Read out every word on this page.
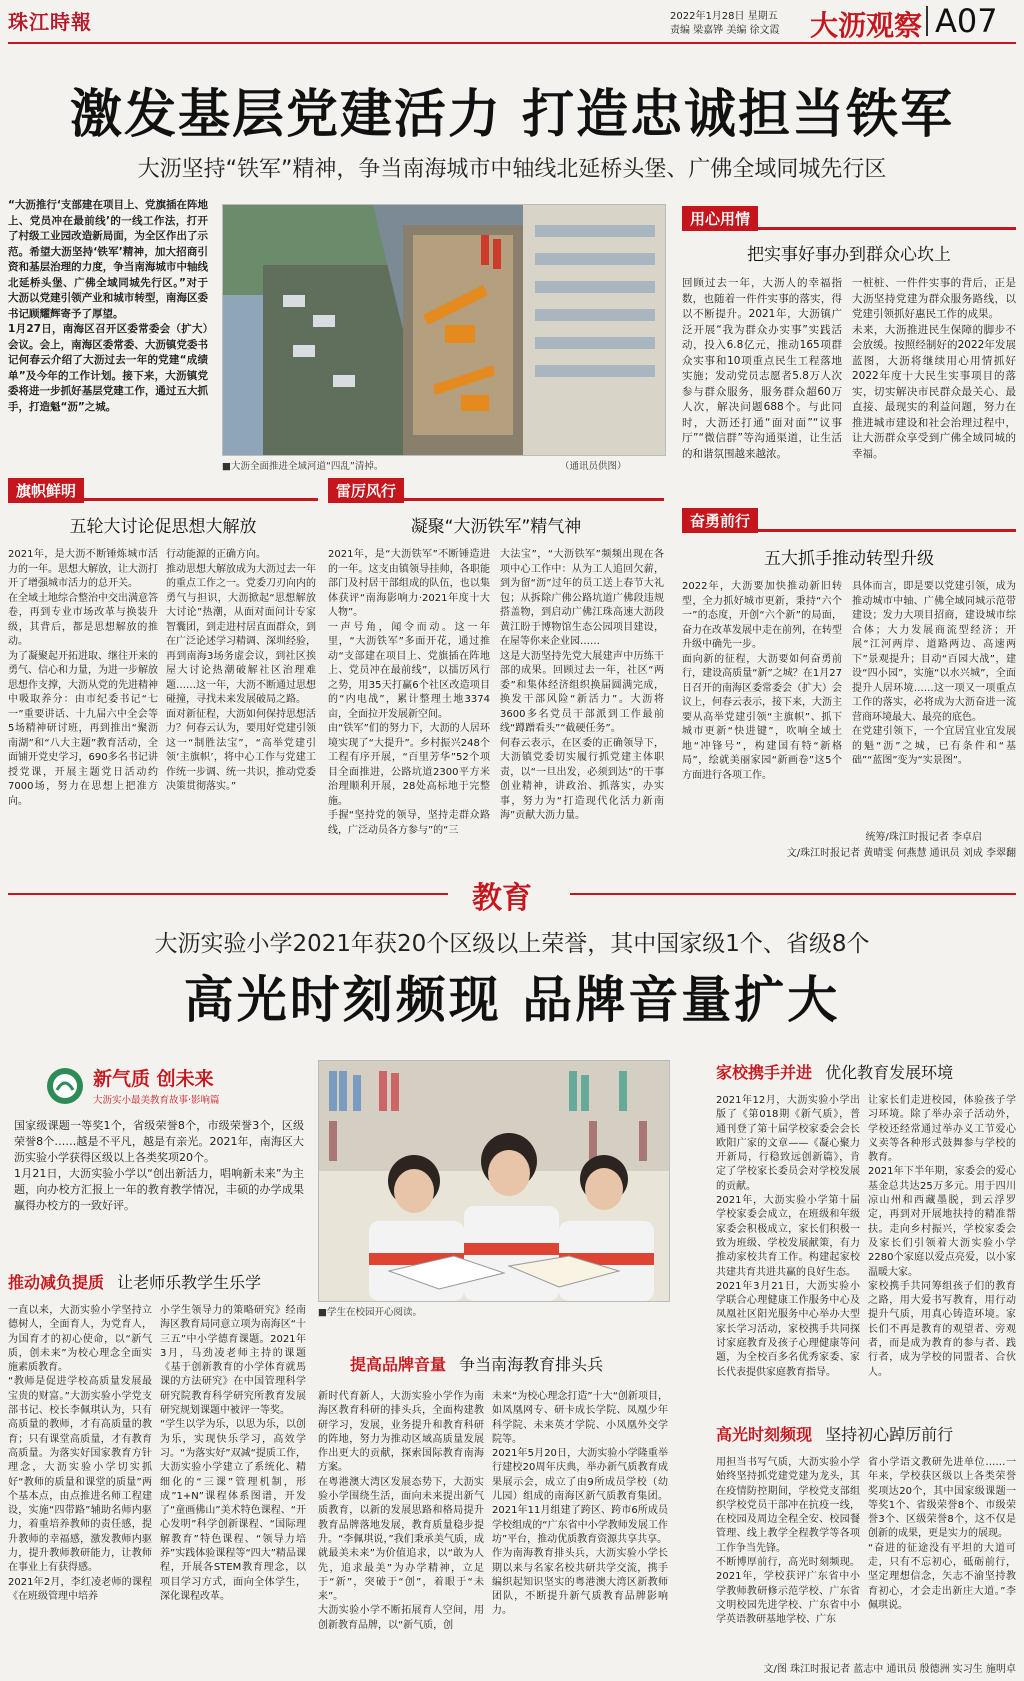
珠江時報	2022年1月28日 星期五
责编 梁嘉铧 美编 徐文霞	大沥观察 A07
激发基层党建活力 打造忠诚担当铁军
大沥坚持“铁军”精神，争当南海城市中轴线北延桥头堡、广佛全域同城先行区
“大沥推行‘支部建在项目上、党旗插在阵地上、党员冲在最前线’的一线工作法，打开了村级工业园改造新局面，为全区作出了示范。希望大沥坚持‘铁军’精神，加大招商引资和基层治理的力度，争当南海城市中轴线北延桥头堡、广佛全域同城先行区。”对于大沥以党建引领产业和城市转型，南海区委书记顾耀辉寄予了厚望。
1月27日，南海区召开区委常委会（扩大）会议。会上，南海区委常委、大沥镇党委书记何春云介绍了大沥过去一年的党建“成绩单”及今年的工作计划。接下来，大沥镇党委将进一步抓好基层党建工作，通过五大抓手，打造魁“沥”之城。
■大沥全面推进全域河道“四乱”清掉。	（通讯员供图）
用心用情
把实事好事办到群众心坎上
回顾过去一年，大沥人的幸福指数，也随着一件件实事的落实，得以不断提升。2021年，大沥镇广泛开展“我为群众办实事”实践活动，投入6.8亿元，推动165项群众实事和10项重点民生工程落地实施；发动党员志愿者5.8万人次参与群众服务，服务群众超60万人次，解决问题688个。与此同时，大沥还打通“面对面”“议事厅”“微信群”等沟通渠道，让生活的和谐氛围越来越浓。
一桩桩、一件件实事的背后，正是大沥坚持党建为群众服务路线，以党建引领抓好惠民工作的成果。
未来，大沥推进民生保障的脚步不会放缓。按照经制好的2022年发展蓝图，大沥将继续用心用情抓好2022年度十大民生实事项目的落实，切实解决市民群众最关心、最直接、最现实的利益问题，努力在推进城市建设和社会治理过程中，让大沥群众享受到广佛全域同城的幸福。
旗帜鲜明
五轮大讨论促思想大解放
2021年，是大沥不断锤炼城市活力的一年。思想大解放，让大沥打开了增强城市活力的总开关。
在全域土地综合整治中交出满意答卷，再到专业市场改革与换装升级，其背后，都是思想解放的推动。
为了凝聚起开拓进取、继往开来的勇气、信心和力量，为进一步解放思想作支撑，大沥从党的先进精神中吸取养分：由市纪委书记“七一”重要讲话、十九届六中全会等5场精神研讨班，再到推出“聚沥南湖”和“八大主题”教育活动，全面铺开党史学习，690多名书记讲授党课，开展主题党日活动约7000场，努力在思想上把准方向。
行动能源的正确方向。
推动思想大解放成为大沥过去一年的重点工作之一。党委刀刃向内的勇气与担识，大沥掀起“思想解放大讨论”热潮，从面对面问计专家智囊团，到走进村居直面群众，到在广泛论述学习精调、深圳经验，再到南海3场务虚会议，到社区挨屋大讨论热潮破解社区治理难题……这一年，大沥不断通过思想碰撞，寻找未来发展破局之路。
面对新征程，大沥如何保持思想活力？何春云认为，要用好党建引领这一“制胜法宝”，“高举党建引领‘主旗帜’，将中心工作与党建工作统一步调、统一共识，推动党委决策贯彻落实。”
雷厉风行
凝聚“大沥铁军”精气神
2021年，是“大沥铁军”不断锤造进的一年。这支由镇领导挂帅，各职能部门及村居干部组成的队伍，也以集体获评“南海影响力·2021年度十大人物”。
一声号角，闻令而动。这一年里，“大沥铁军”多面开花，通过推动“支部建在项目上、党旗插在阵地上、党员冲在最前线”，以擂厉风行之势，用35天打赢6个社区改造项目的“内电战”，累计整理土地3374亩，全面拉开发展新空间。
由“铁军”们的努力下，大沥的人居环境实现了“大提升”。乡村振兴248个工程有序开展，“百里芳华”52个项目全面推进，公路坑道2300平方米治理顺利开展，28处高标地于完整施。
手握“坚持党的领导，坚持走群众路线，广泛动员各方参与”的“三
大法宝”，“大沥铁军”频频出现在各项中心工作中：从为工人追回欠薪，到为留“沥”过年的员工送上春节大礼包；从拆除广佛公路坑道广佛段违规搭盖物，到启动广佛江珠高速大沥段黄江盼于博物馆生态公园项目建设，在屋等你来企业园……
这是大沥坚持先党大展建声中历练干部的成果。回顾过去一年，社区“两委”和集体经济组织换届圆满完成，换发干部风险“新活力”。大沥将3600多名党员干部派到工作最前线“蹲蹭看头”“截硬任务”。
何春云表示，在区委的正确领导下，大沥镇党委切实履行抓党建主体职责，以“一旦出发，必须到达”的干事创业精神，讲政治、抓落实，办实事，努力为“打造现代化活力新南海”贡献大沥力量。
奋勇前行
五大抓手推动转型升级
2022年，大沥要加快推动新旧转型，全力抓好城市更新，秉持“六个一”的态度，开创“六个新”的局面，奋力在改革发展中走在前列，在转型升级中确先一步。
面向新的征程，大沥要如何奋勇前行，建设高质量“新”之城？在1月27日召开的南海区委常委会（扩大）会议上，何春云表示，接下来，大沥主要从高举党建引领“主旗帜”、抓下城市更新“快进键”，吹响全域土地“冲锋号”，构建国有特“新格局”，绘就美丽家园“新画卷”这5个方面进行各项工作。
具体而言，即是要以党建引领，成为推动城市中轴、广佛全域同城示范带建设；发力大项目招商，建设城市综合体；大力发展商流型经济；开展“江河两岸、道路两边、高速两下”景观提升；目动“百园大战”，建设“四小园”，实施“以水兴城”，全面提升人居环境……这一项又一项重点工作的落实，必将成为大沥奋进一流营商环境最大、最亮的底色。
在党建引领下，一个宜居宜业宜发展的魁“沥”之城，已有条件和“基础”“蓝图”变为“实景图”。
统筹/珠江时报记者 李卓启
文/珠江时报记者 黄晴雯 何燕慧 通讯员 刘成 李翠翻
教育
大沥实验小学2021年获20个区级以上荣誉，其中国家级1个、省级8个
高光时刻频现 品牌音量扩大
新气质 创未来
大沥实小最美教育故事·影响篇
国家级课题一等奖1个，省级荣誉8个，市级荣誉3个，区级荣誉8个……越是不平凡，越是有亲光。2021年，南海区大沥实验小学获得区级以上各类奖项20个。
1月21日，大沥实验小学以“创出新活力，唱响新未来”为主题，向办校方汇报上一年的教育教学情况，丰硕的办学成果赢得办校方的一致好评。
■学生在校园开心阅读。
推动减负提质 让老师乐教学生乐学
一直以来，大沥实验小学坚持立德树人，全面育人，为党育人，为国育才的初心使命，以“新气质，创未来”为校心理念全面实施素质教育。
“教师是促进学校高质量发展最宝贵的财富。”大沥实验小学党支部书记、校长李佩琪认为，只有高质量的教师，才有高质量的教育；只有课堂高质量，才有教育高质量。为落实好国家教育方针理念，大沥实验小学切实抓好“教师的质量和课堂的质量”两个基本点，由点推进名师工程建设，实施“四带路”辅助名师内驱力，着重培养教师的责任感，提升教师的幸福感，激发教师内驱力，提升教师教研能力，让教师在事业上有获得感。
2021年2月，李红凌老师的课程《在班级管理中培养
小学生领导力的策略研究》经南海区教育局同意立项为南海区“十三五”中小学德育课题。2021年3月，马劲凌老师主持的课题《基于创新教育的小学体育就馬课的方法研究》在中国管理科学研究院教育科学研究所教育发展研究规划课题中被评一等奖。
“学生以学为乐，以思为乐，以创为乐，实现快乐学习，高效学习。“为落实好”双减“提质工作，大沥实验小学建立了系统化、精细化的“三课”管理机制，形成”1+N”课程体系图谱，开发了“童画佛山”美术特色课程、“开心发明”科学创新课程、“国际理解教育”特色课程、“领导力培养”实践体验课程等“四大”精品课程，开展各STEM教育理念，以项目学习方式，面向全体学生，深化课程改革。
提高品牌音量 争当南海教育排头兵
新时代育新人，大沥实验小学作为南海区教育科研的排头兵，全面构建教研学习，发展，业务提升和教育科研的阵地，努力为推动区域高质量发展作出更大的贡献，探索国际教育南海方案。
在粤港澳大湾区发展态势下，大沥实验小学围绕生活，面向未来提出新气质教育，以新的发展思路和格局提升教育品牌落地发展，教育质量稳步提升。“李佩琪说，”我们秉承美气质，成就最美未来”为价值追求，以“敢为人先，追求最美”为办学精神，立足于“新”，突破于“创”，着眼于“未来”。
大沥实验小学不断拓展育人空间，用创新教育品牌，以“新气质，创
未来“为校心理念打造”十大“创新项目，如凤凰网专、研卡成长学院、凤凰少年科学院、未来英才学院、小凤凰外交学院等。
2021年5月20日，大沥实验小学隆重举行建校20周年庆典，举办新气质教育成果展示会，成立了由9所成员学校（幼儿园）组成的南海区新气质教育集团。2021年11月组建了跨区、跨市6所成员学校组成的“广东省中小学教师发展工作坊”平台，推动优质教育资源共享共享。
作为南海教育排头兵，大沥实验小学长期以来与名家名校共研共学交流，携手编织起知识坚实的粤港澳大湾区新教师团队，不断提升新气质教育品牌影响力。
家校携手并进 优化教育发展环境
2021年12月，大沥实验小学出版了《第018期《新气质》，普通刊登了第十届学校家委会会长欧阳广家的文章——《凝心聚力开新局，行稳致远创新篇》，肯定了学校家长委员会对学校发展的贡献。
2021年，大沥实验小学第十届学校家委会成立，在班级和年级家委会积极成立，家长们积极一致为班级、学校发展献策，有力推动家校共育工作。构建起家校共建共育共进共赢的良好生态。
2021年3月21日，大沥实验小学联合心理健康工作服务中心及凤凰社区阳光服务中心举办大型家长学习活动，家校携手共同探讨家庭教育及孩子心理健康等问题，为全校百多名优秀家委、家长代表提供家庭教育指导。
让家长们走进校园，体验孩子学习环境。除了举办亲子活动外，学校还经常通过举办义工节爱心义卖等各种形式鼓舞参与学校的教育。
2021年下半年期，家委会的爱心基金总共达25万多元。用于四川凉山州和西藏墨脱，到云浮罗定，再到对开展地扶持的精准帮扶。走向乡村振兴，学校家委会及家长们引领着大沥实验小学2280个家庭以爱点亮爱，以小家温暖大家。
家校携手共同筹组孩子们的教育之路，用大爱书写教育，用行动提升气质，用真心铸造环境。家长们不再是教育的观望者、旁观者，而是成为教育的参与者、践行者，成为学校的同盟者、合伙人。
高光时刻频现 坚持初心踔厉前行
用担当书写气质，大沥实验小学始终坚持抓党建党建为龙头，其在疫情防控期间，学校党支部组织学校党员干部冲在抗疫一线，在校园及周边全程全安、校园餐管理、线上教学全程教学等各项工作争当先锋。
不断博厚前行，高光时刻频现。2021年，学校获评广东省中小学教师教研修示范学校、广东省文明校园先进学校、广东省中小学英语教研基地学校、广东
省小学语文教研先进单位……一年来，学校获区级以上各类荣誉奖项达20个，其中国家级课题一等奖1个、省级荣誉8个、市级荣誉3个、区级荣誉8个，这不仅是创新的成果，更是实力的展现。
“奋进的征途没有平坦的大道可走，只有不忘初心，砥砺前行，坚定理想信念，矢志不渝坚持教育初心，才会走出新庄大道。”李佩琪说。
文/图 珠江时报记者 蓝志中 通讯员 殷德洲 实习生 施明卓
